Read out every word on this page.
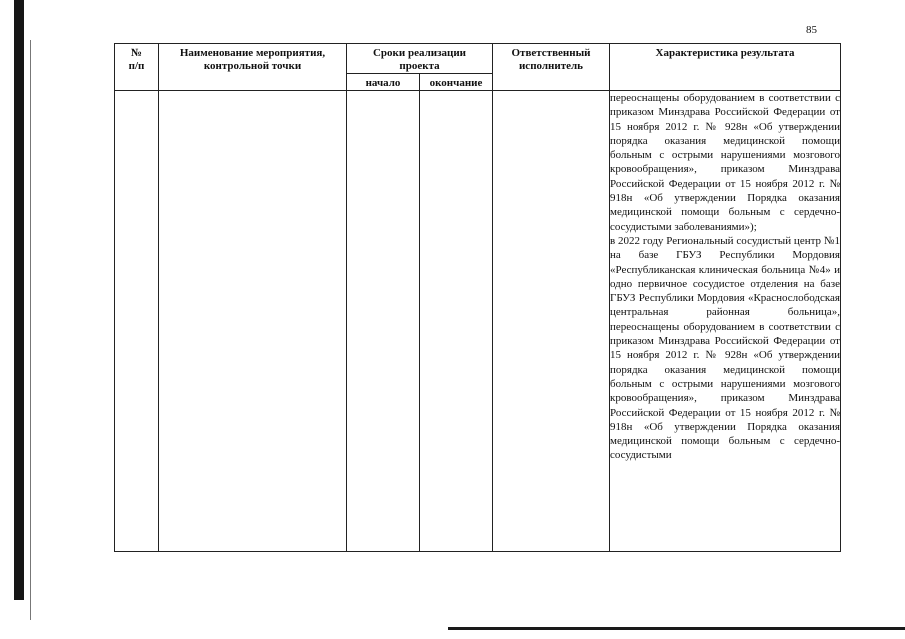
85
№
п/п	Наименование мероприятия, контрольной точки	Сроки реализации проекта		Ответственный исполнитель	Характеристика результата
		начало	окончание		
					переоснащены оборудованием в соответствии с приказом Минздрава Российской Федерации от 15 ноября 2012 г. № 928н «Об утверждении порядка оказания медицинской помощи больным с острыми нарушениями мозгового кровообращения», приказом Минздрава Российской Федерации от 15 ноября 2012 г. № 918н «Об утверждении Порядка оказания медицинской помощи больным с сердечно-сосудистыми заболеваниями»);
в 2022 году Региональный сосудистый центр №1 на базе ГБУЗ Республики Мордовия «Республиканская клиническая больница №4» и одно первичное сосудистое отделения на базе ГБУЗ Республики Мордовия «Краснослободская центральная районная больница», переоснащены оборудованием в соответствии с приказом Минздрава Российской Федерации от 15 ноября 2012 г. № 928н «Об утверждении порядка оказания медицинской помощи больным с острыми нарушениями мозгового кровообращения», приказом Минздрава Российской Федерации от 15 ноября 2012 г. № 918н «Об утверждении Порядка оказания медицинской помощи больным с сердечно-сосудистыми
